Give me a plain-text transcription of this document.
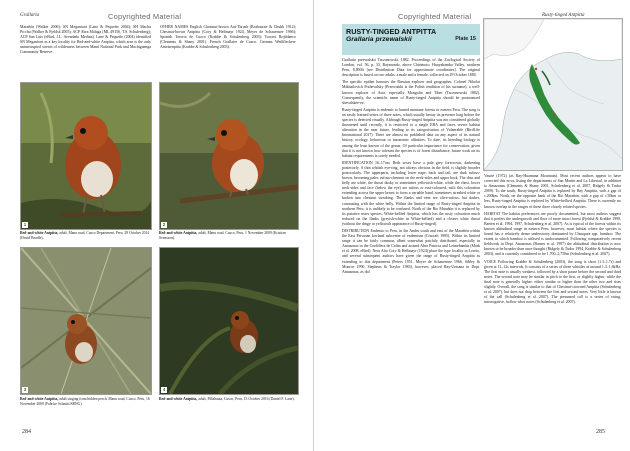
Grallaria	Copyrighted Material

Marañón (Walker 2006); SN Megantoni (Lane & Pequeño 2004); SH Machu Picchu (Walker & Fjeldså 2005); ACP Abra Málaga (ML 49156, T.S. Schulenberg); ACP San Luis (eBird, J.L. Avendaño Medina). Lane & Pequeño (2004) identified SN Megantoni as a key locality for Red-and-white Antpitta, which area is the only uninterrupted stretch of wilderness between Manú National Park and Machiguenga Community Reserve.

OTHER NAMES English Chestnut-brown Ant-Thrush (Brabourne & Chubb 1912); Chestnut-brown Antpitta (Cory & Hellmayr 1924, Meyer de Schauensee 1966); Spanish Tororoi de Cuzco (Krabbe & Schulenberg 2003); Tororoí Rojiblanco (Clements & Shany 2001). French Grallaire de Cuzco. German Weißflecken-Ameisenpitta (Krabbe & Schulenberg 2003).

1
Red-and-white Antpitta, adult, Manu road, Cusco Department, Peru, 28 October 2014 (David Beadle).
2
Red-and-white Antpitta, adult, Manu road, Cusco, Peru, 1 November 2009 (Kristian Svensson).
3
Red-and-white Antpitta, adult singing from hidden perch, Manu road, Cusco, Peru, 16 November 2009 (Fabrice Schmitt/SBNG).
4
Red-and-white Antpitta, adult, Pillahuata, Cusco, Peru, 13 October 2016 (Daniel F. Lane).
284
Copyrighted Material	Rusty-tinged Antpitta
RUSTY-TINGED ANTPITTA
Grallaria przewalskii	Plate 15

Grallaria przewalskii Taczanowski, 1882, Proceedings of the Zoological Society of London, vol. 56, p. 33, Raymondo, above Chirimoto, Huayabamba Valley, northern Peru, 8,800ft [see Distribution Data for approximate coordinates]. The original description is based on two adults, a male and a female, collected on 29 October 1880.

The specific epithet honours the Russian explorer and geographer, Colonel Nikolai Mikhailovich Przhevalsky (Przewalski is the Polish rendition of his surname), a well-known explorer of Asia, especially Mongolia and Tibet (Taczanowski 1882). Consequently, the scientific name of Rusty-tinged Antpitta should be pronounced shevalskee-ee.

Rusty-tinged Antpitta is endemic to humid montane forests in eastern Peru. The song is an easily learned series of three notes, which usually betray its presence long before the species is detected visually. Although Rusty-tinged Antpitta was not considered globally threatened until recently, it is restricted to a single EBA and faces severe habitat alteration in the near future, leading to its categorisation of Vulnerable (BirdLife International 2017). There are almost no published data on any aspect of its natural history, ecology, behaviour or taxonomic affinities. To date, its breeding biology is among the least known of the genus. Of particular importance for conservation, given that it is not known how tolerant the species is of forest disturbance, future work on its habitat requirements is sorely needed.

IDENTIFICATION 16–17cm. Both sexes have a pale grey forecrown, darkening posteriorly. A thin whitish eye-ring, not always obvious in the field, is slightly broader postocularly. The upperparts, including lower nape, back and tail, are dark rufous-brown, becoming paler, rufous-chestnut on the neck-sides and upper back. The chin and belly are white, the throat dusky or sometimes yellowish-white, while the chest, lower neck-sides and face (below the eye) are rufous or rust-coloured, with this coloration extending across the upper breast to form a variable band, sometimes streaked white or broken into chestnut streaking. The flanks and vent are olive-rufous, but darker, contrasting with the white belly. Within the limited range of Rusty-tinged Antpitta in northern Peru, it is unlikely to be confused. North of the Río Marañón it is replaced by its putative sister species, White-bellied Antpitta, which has the rusty coloration much reduced on the flanks (greyish-white in White-bellied) and a clearer white throat (without the dingy or yellowish appearance of Rusty-tinged).

DISTRIBUTION Endemic to Peru, in the Andes south and east of the Marañón within the East Peruvian lowland subcentre of endemism (Cracraft 1985). Within its limited range it can be fairly common, albeit somewhat patchily distributed, especially in Amazonas in the Cordillera de Colán and around Abra Patricia and Leimebamba (Mark et al. 2008, eBird). Near Alto Cory & Hellmayr (1924) place the type locality in Loreto, and several subsequent authors have given the range of Rusty-tinged Antpitta as extending to this department (Peters 1951, Meyer de Schauensee 1966, Sibley & Monroe 1990, Stephens & Traylor 1983), however, placed Ray-Urmana in Dept. Amazonas, as did

Vaurie (1972) (as Ray-Huamana Mountain). Most recent authors appear to have corrected this error, listing the departments of San Martín and La Libertad, in addition to Amazonas (Clements & Shany 2001, Schulenberg et al. 2007, Ridgely & Tudor 2009). To the south, Rusty-tinged Antpitta is replaced by Bay Antpitta, with a gap of c.200km. North, on the opposite bank of the Río Marañón, with a gap of c.50km or less, Rusty-tinged Antpitta is replaced by White-bellied Antpitta. There is currently no known overlap in the ranges of these three closely related species.

HABITAT The habitat preferences are poorly documented, but most authors suggest that it prefers the undergrowth and floor of more intact forest (Fjeldså & Krabbe 1990, Baeten et al. 1994, 1997, Schulenberg et al. 2007). As is typical of the forests within its known altitudinal range in eastern Peru, however, most habitat where the species is found has a relatively dense understorey dominated by Chusquea spp. bamboo. The extent to which bamboo is utilised is undocumented. Following comparatively recent fieldwork in Dept. Amazonas (Barnes et al. 1997) the altitudinal distribution is now known to be broader than once thought (Ridgely & Tudor 1994, Krabbe & Schulenberg 2003), and is currently considered to be 1,700–2,750m (Schulenberg et al. 2007).

VOICE Following Krabbe & Schulenberg (2003), the song is short (1.3–1.7s) and given at 11–12s intervals. It consists of a series of three whistles at around 1.3–1.6kHz. The first note is usually weakest, followed by a short pause before the second and third notes. The second note may be similar in pitch to the first, or slightly higher, while the final note is generally higher, either similar or higher than the other two and rises slightly. Overall, the song is similar to that of Chestnut-crowned Antpitta (Schulenberg et al. 2007), but does not drop between the first and second notes. Very little is known of the call (Schulenberg et al. 2007). The presumed call is a series of rising, interrogative, hollow whoi notes (Schulenberg et al. 2007).

285
